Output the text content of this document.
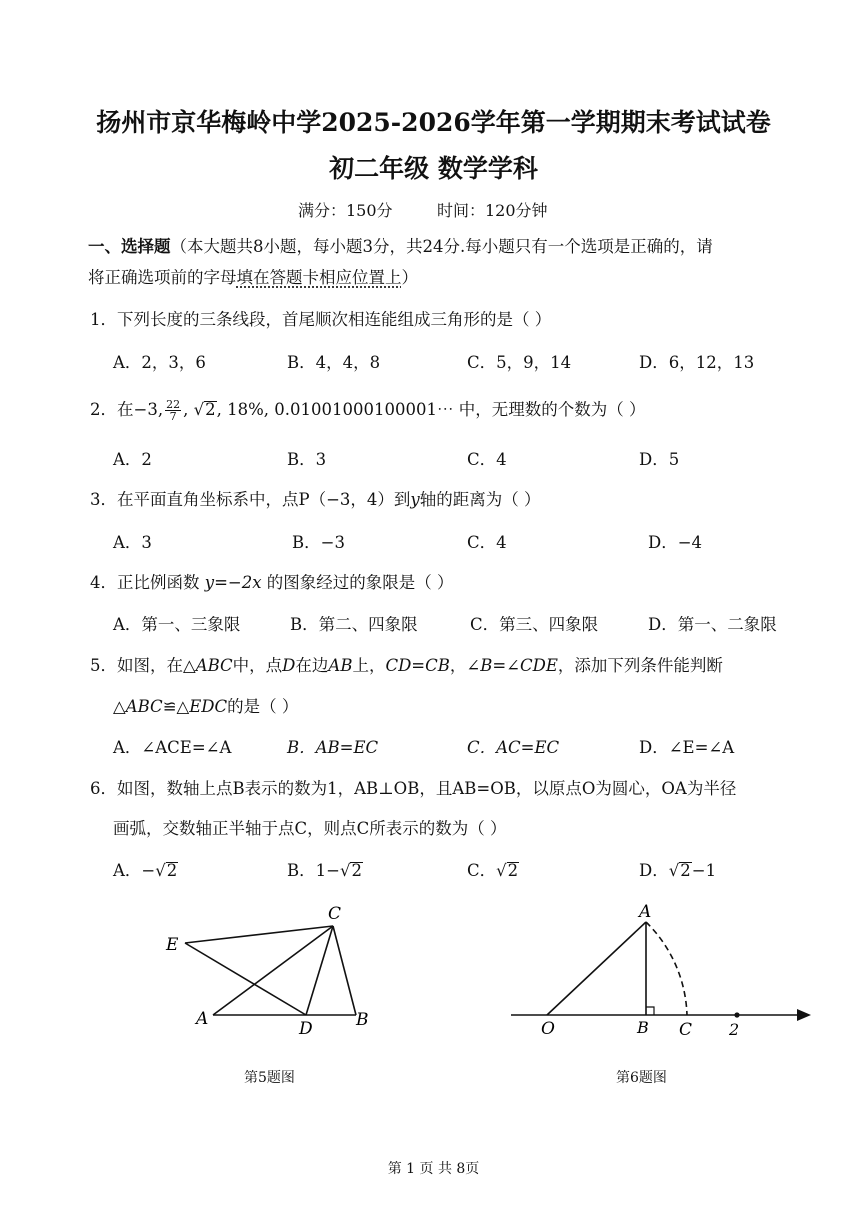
扬州市京华梅岭中学2025-2026学年第一学期期末考试试卷
初二年级 数学学科
满分：150分	时间：120分钟
一、选择题（本大题共8小题，每小题3分，共24分.每小题只有一个选项是正确的，请
将正确选项前的字母填在答题卡相应位置上）
1．下列长度的三条线段，首尾顺次相连能组成三角形的是（ ）
A．2，3，6	B．4，4，8	C．5，9，14	D．6，12，13
2．在−3, $\frac{22}{7}$ , √2, 18%, 0.01001000100001⋯ 中，无理数的个数为（ ）
A．2	B．3	C．4	D．5
3．在平面直角坐标系中，点P（−3，4）到y轴的距离为（ ）
A．3	B．−3	C．4	D．−4
4．正比例函数 y=−2x 的图象经过的象限是（ ）
A．第一、三象限	B．第二、四象限	C．第三、四象限	D．第一、二象限
5．如图，在△ABC中，点D在边AB上，CD=CB，∠B=∠CDE，添加下列条件能判断
△ABC≌△EDC的是（ ）
A．∠ACE=∠A	B．AB=EC	C．AC=EC	D．∠E=∠A
6．如图，数轴上点B表示的数为1，AB⊥OB，且AB=OB，以原点O为圆心，OA为半径
画弧，交数轴正半轴于点C，则点C所表示的数为（ ）
A．−√2	B．1−√2	C．√2	D．√2−1
E
C
A	D	B
第5题图
A
O	B C 2
第6题图
第 1 页 共 8页
